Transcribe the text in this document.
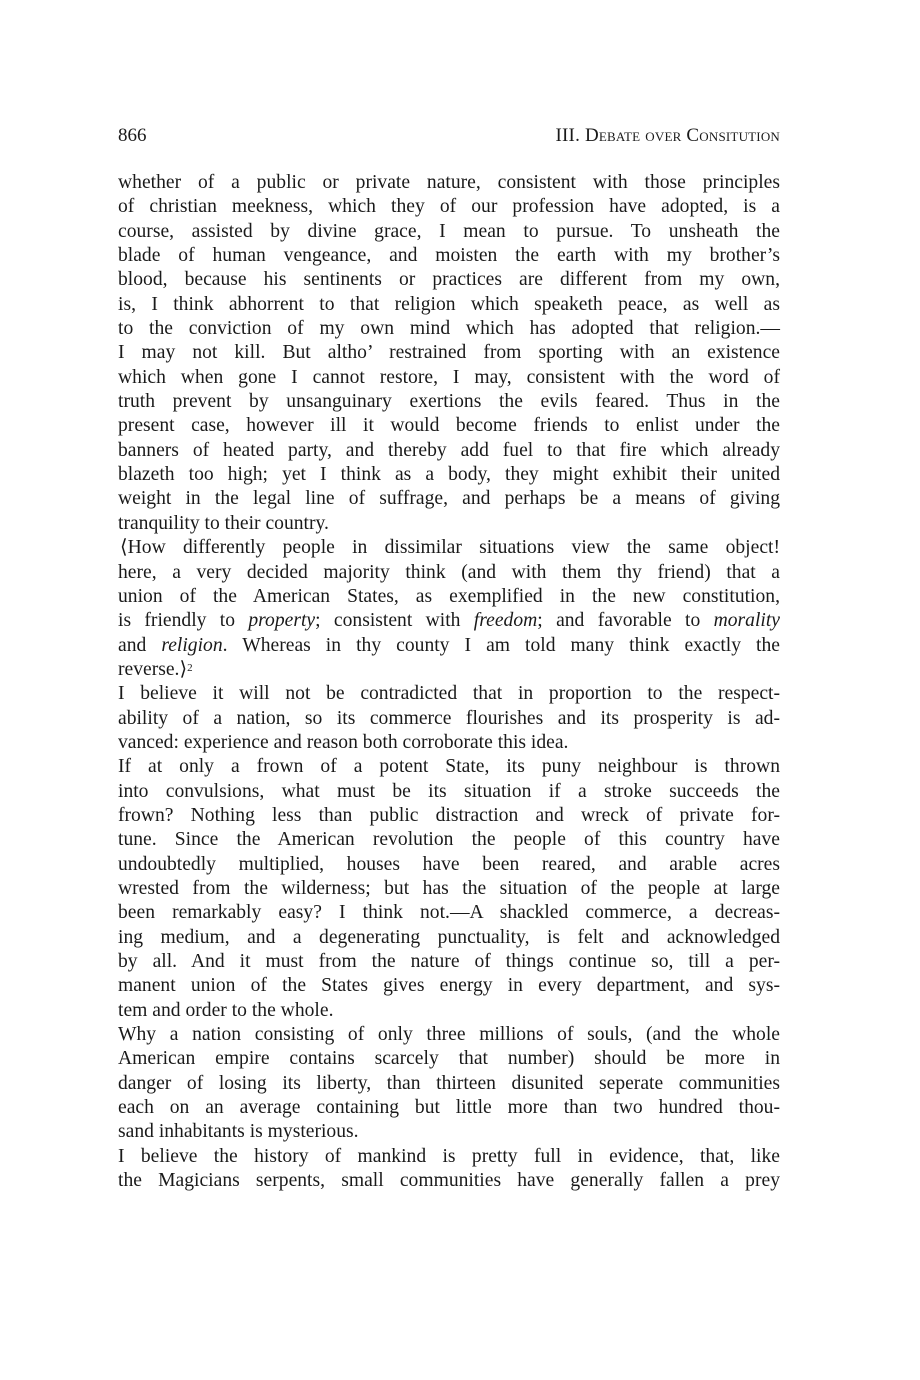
866	III. Debate over Consitution

whether of a public or private nature, consistent with those principles
of christian meekness, which they of our profession have adopted, is a
course, assisted by divine grace, I mean to pursue. To unsheath the
blade of human vengeance, and moisten the earth with my brother’s
blood, because his sentinents or practices are different from my own,
is, I think abhorrent to that religion which speaketh peace, as well as
to the conviction of my own mind which has adopted that religion.—
I may not kill. But altho’ restrained from sporting with an existence
which when gone I cannot restore, I may, consistent with the word of
truth prevent by unsanguinary exertions the evils feared. Thus in the
present case, however ill it would become friends to enlist under the
banners of heated party, and thereby add fuel to that fire which already
blazeth too high; yet I think as a body, they might exhibit their united
weight in the legal line of suffrage, and perhaps be a means of giving
tranquility to their country.

⟨How differently people in dissimilar situations view the same object!
here, a very decided majority think (and with them thy friend) that a
union of the American States, as exemplified in the new constitution,
is friendly to property; consistent with freedom; and favorable to morality
and religion. Whereas in thy county I am told many think exactly the
reverse.⟩$^2$

I believe it will not be contradicted that in proportion to the respect-
ability of a nation, so its commerce flourishes and its prosperity is ad-
vanced: experience and reason both corroborate this idea.

If at only a frown of a potent State, its puny neighbour is thrown
into convulsions, what must be its situation if a stroke succeeds the
frown? Nothing less than public distraction and wreck of private for-
tune. Since the American revolution the people of this country have
undoubtedly multiplied, houses have been reared, and arable acres
wrested from the wilderness; but has the situation of the people at large
been remarkably easy? I think not.—A shackled commerce, a decreas-
ing medium, and a degenerating punctuality, is felt and acknowledged
by all. And it must from the nature of things continue so, till a per-
manent union of the States gives energy in every department, and sys-
tem and order to the whole.

Why a nation consisting of only three millions of souls, (and the whole
American empire contains scarcely that number) should be more in
danger of losing its liberty, than thirteen disunited seperate communities
each on an average containing but little more than two hundred thou-
sand inhabitants is mysterious.

I believe the history of mankind is pretty full in evidence, that, like
the Magicians serpents, small communities have generally fallen a prey
